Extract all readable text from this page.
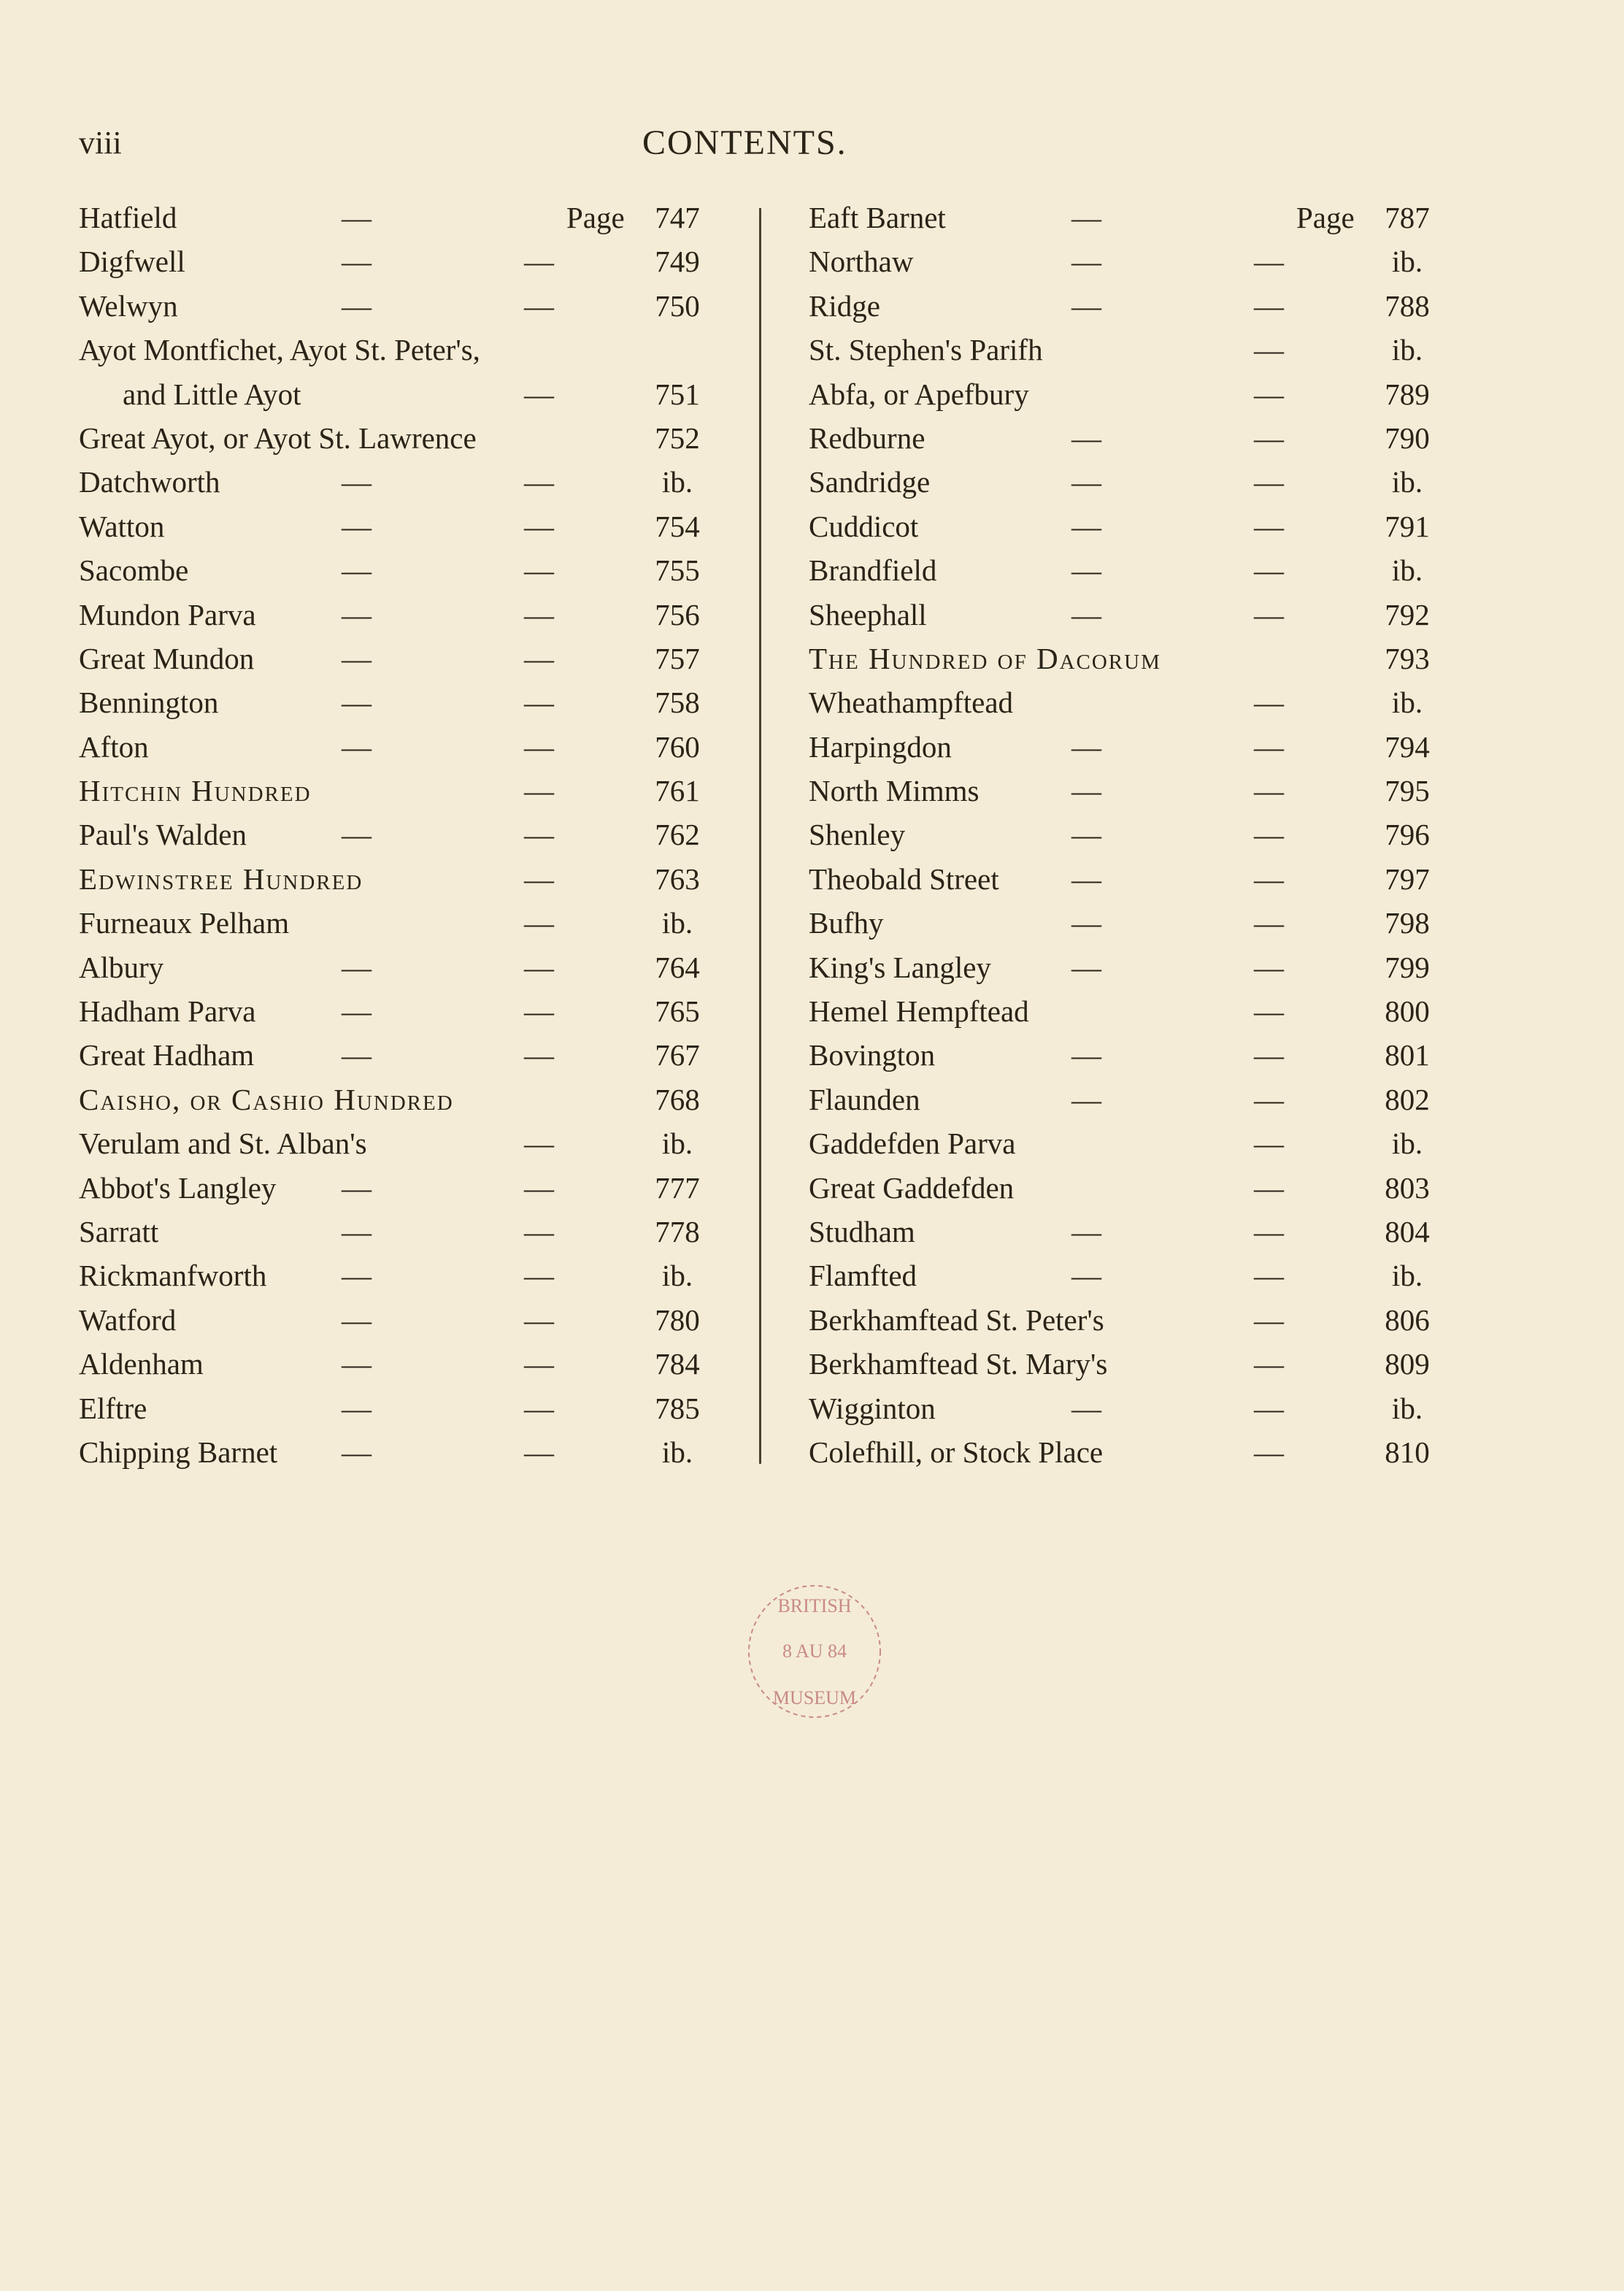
viii	CONTENTS.
Hatfield	—	Page	747
Digfwell	—	—	749
Welwyn	—	—	750
Ayot Montfichet, Ayot St. Peter's,
and Little Ayot	—	751
Great Ayot, or Ayot St. Lawrence	752
Datchworth	—	—	ib.
Watton	—	—	754
Sacombe	—	—	755
Mundon Parva	—	—	756
Great Mundon	—	—	757
Bennington	—	—	758
Afton	—	—	760
Hitchin Hundred	—	761
Paul's Walden	—	—	762
Edwinstree Hundred	—	763
Furneaux Pelham	—	ib.
Albury	—	—	764
Hadham Parva	—	—	765
Great Hadham	—	—	767
Caisho, or Cashio Hundred	768
Verulam and St. Alban's	—	ib.
Abbot's Langley —	—	777
Sarratt	—	—	778
Rickmanfworth	—	—	ib.
Watford	—	—	780
Aldenham	—	—	784
Elftre	—	—	785
Chipping Barnet —	—	ib.
Eaft Barnet	—	Page	787
Northaw	—	—	ib.
Ridge	—	—	788
St. Stephen's Parifh	—	ib.
Abfa, or Apefbury	—	789
Redburne	—	—	790
Sandridge	—	—	ib.
Cuddicot	—	—	791
Brandfield	—	—	ib.
Sheephall	—	—	792
The Hundred of Dacorum	793
Wheathampftead	—	ib.
Harpingdon	—	—	794
North Mimms	—	—	795
Shenley	—	—	796
Theobald Street —	—	797
Bufhy	—	—	798
King's Langley	—	—	799
Hemel Hempftead	—	800
Bovington	—	—	801
Flaunden	—	—	802
Gaddefden Parva	—	ib.
Great Gaddefden	—	803
Studham	—	—	804
Flamfted	—	—	ib.
Berkhamftead St. Peter's	—	806
Berkhamftead St. Mary's	—	809
Wigginton	—	—	ib.
Colefhill, or Stock Place	—	810
BRITISH
8 AU 84
MUSEUM
